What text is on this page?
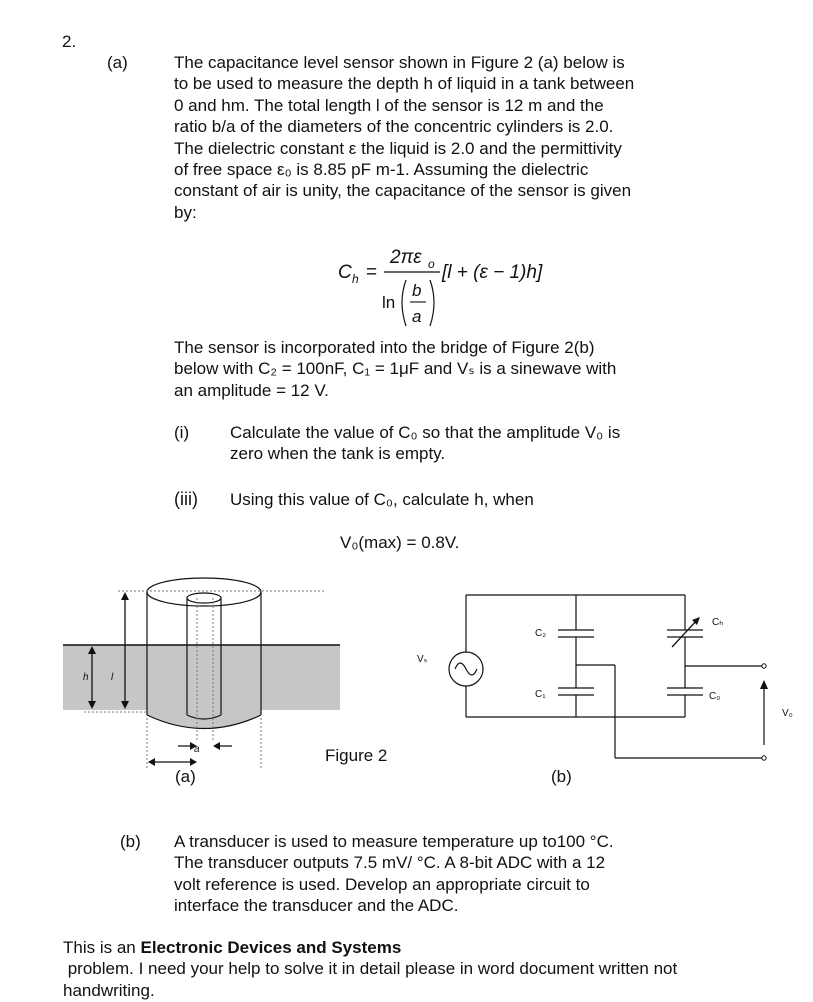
2.
(a)	The capacitance level sensor shown in Figure 2 (a) below is
to be used to measure the depth h of liquid in a tank between
0 and hm. The total length l of the sensor is 12 m and the
ratio b/a of the diameters of the concentric cylinders is 2.0.
The dielectric constant ε the liquid is 2.0 and the permittivity
of free space ε₀ is 8.85 pF m-1. Assuming the dielectric
constant of air is unity, the capacitance of the sensor is given
by:
C h =
2πε o
ln
b
a
[l + (ε − 1)h]
The sensor is incorporated into the bridge of Figure 2(b)
below with C₂ = 100nF, C₁ = 1μF and Vₛ is a sinewave with
an amplitude = 12 V.
(i) Calculate the value of C₀ so that the amplitude V₀ is
zero when the tank is empty.
(iii) Using this value of C₀, calculate h, when
V₀(max) = 0.8V.
h l
a
(a)
Figure 2
Vₛ
C₂
C₁
Cₕ
C₀
V₀
(b)
(b) A transducer is used to measure temperature up to100 °C.
The transducer outputs 7.5 mV/ °C. A 8-bit ADC with a 12
volt reference is used. Develop an appropriate circuit to
interface the transducer and the ADC.
This is an Electronic Devices and Systems
problem. I need your help to solve it in detail please in word document written not
handwriting.
